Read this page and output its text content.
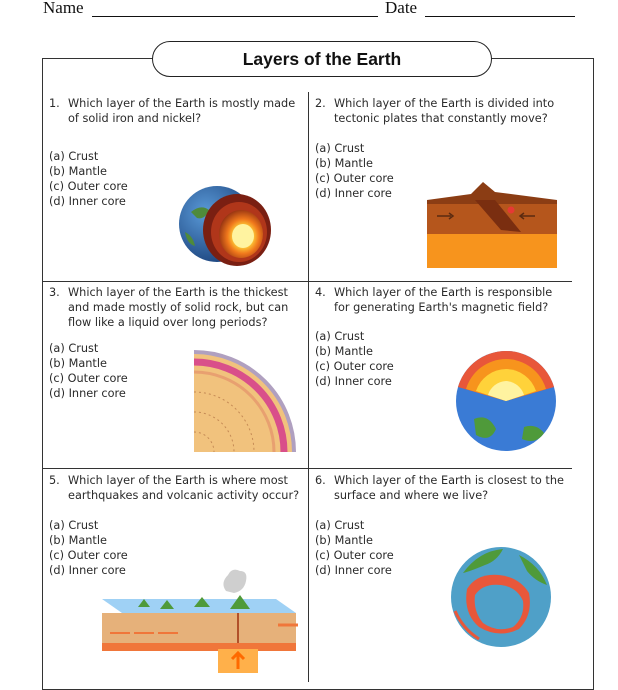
Name	Date
Layers of the Earth
1. Which layer of the Earth is mostly made of solid iron and nickel?
(a) Crust
(b) Mantle
(c) Outer core
(d) Inner core
2. Which layer of the Earth is divided into tectonic plates that constantly move?
(a) Crust
(b) Mantle
(c) Outer core
(d) Inner core
3. Which layer of the Earth is the thickest and made mostly of solid rock, but can flow like a liquid over long periods?
(a) Crust
(b) Mantle
(c) Outer core
(d) Inner core
4. Which layer of the Earth is responsible for generating Earth's magnetic field?
(a) Crust
(b) Mantle
(c) Outer core
(d) Inner core
5. Which layer of the Earth is where most earthquakes and volcanic activity occur?
(a) Crust
(b) Mantle
(c) Outer core
(d) Inner core
6. Which layer of the Earth is closest to the surface and where we live?
(a) Crust
(b) Mantle
(c) Outer core
(d) Inner core
